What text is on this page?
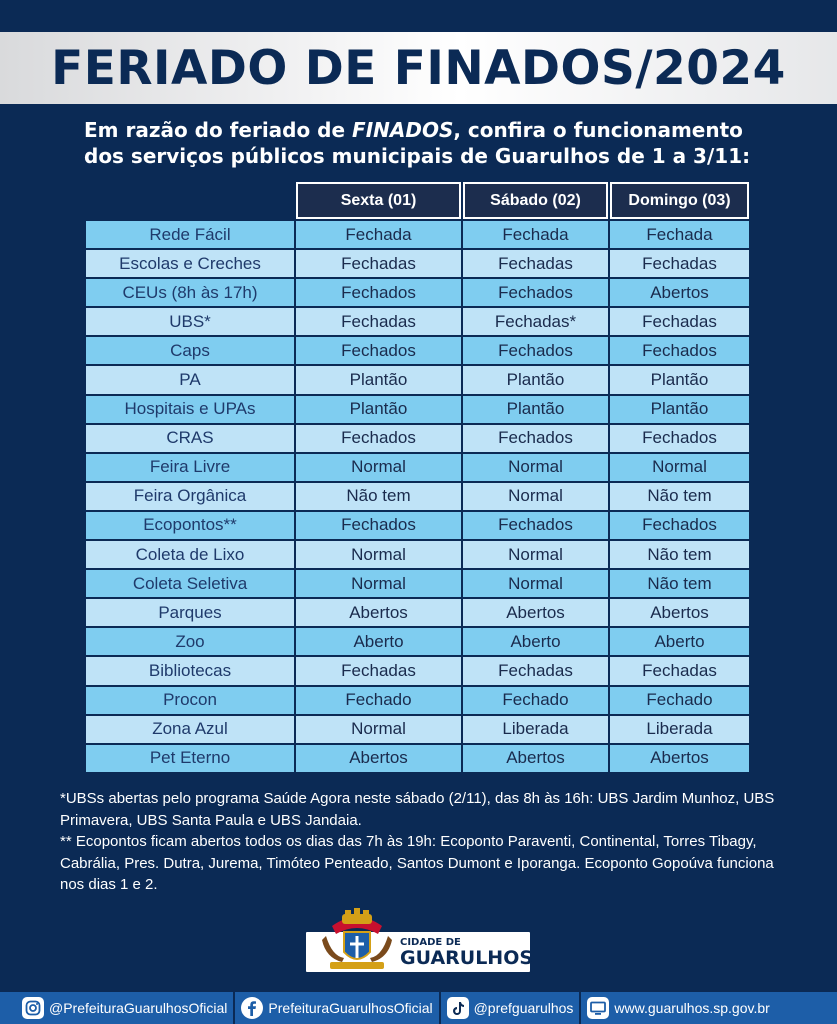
FERIADO DE FINADOS/2024

Em razão do feriado de FINADOS, confira o funcionamento dos serviços públicos municipais de Guarulhos de 1 a 3/11:

	Sexta (01)	Sábado (02)	Domingo (03)
Rede Fácil	Fechada	Fechada	Fechada
Escolas e Creches	Fechadas	Fechadas	Fechadas
CEUs (8h às 17h)	Fechados	Fechados	Abertos
UBS*	Fechadas	Fechadas*	Fechadas
Caps	Fechados	Fechados	Fechados
PA	Plantão	Plantão	Plantão
Hospitais e UPAs	Plantão	Plantão	Plantão
CRAS	Fechados	Fechados	Fechados
Feira Livre	Normal	Normal	Normal
Feira Orgânica	Não tem	Normal	Não tem
Ecopontos**	Fechados	Fechados	Fechados
Coleta de Lixo	Normal	Normal	Não tem
Coleta Seletiva	Normal	Normal	Não tem
Parques	Abertos	Abertos	Abertos
Zoo	Aberto	Aberto	Aberto
Bibliotecas	Fechadas	Fechadas	Fechadas
Procon	Fechado	Fechado	Fechado
Zona Azul	Normal	Liberada	Liberada
Pet Eterno	Abertos	Abertos	Abertos

*UBSs abertas pelo programa Saúde Agora neste sábado (2/11), das 8h às 16h: UBS Jardim Munhoz, UBS Primavera, UBS Santa Paula e UBS Jandaia.

** Ecopontos ficam abertos todos os dias das 7h às 19h: Ecoponto Paraventi, Continental, Torres Tibagy, Cabrália, Pres. Dutra, Jurema, Timóteo Penteado, Santos Dumont e Iporanga. Ecoponto Gopoúva funciona nos dias 1 e 2.

CIDADE DE
GUARULHOS
@PrefeituraGuarulhosOficial	PrefeituraGuarulhosOficial	@prefguarulhos	www.guarulhos.sp.gov.br
